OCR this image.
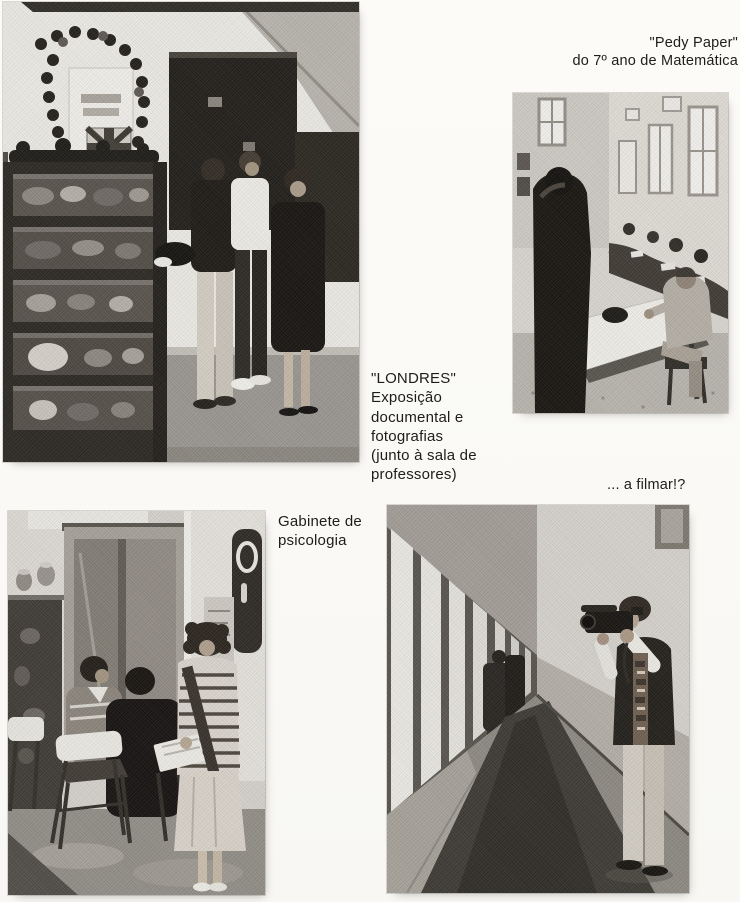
"Pedy Paper"
do 7º ano de Matemática
"LONDRES"
Exposição
documental e
fotografias
(junto à sala de
professores)
Gabinete de
psicologia
... a filmar!?
